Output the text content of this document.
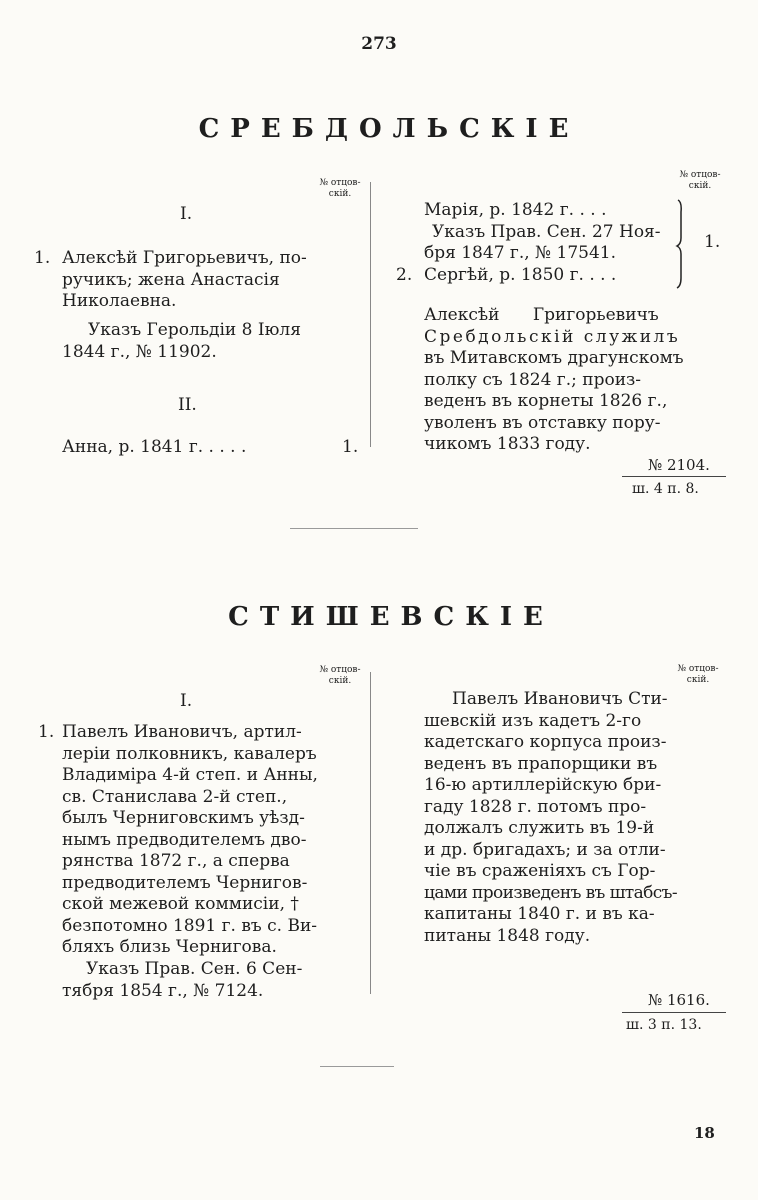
273
СРЕБДОЛЬСКІЕ
№ отцов-скій.
I.
1. Алексѣй Григорьевичъ, по-
ручикъ; жена Анастасія
Николаевна.
Указъ Герольдіи 8 Іюля
1844 г., № 11902.
II.
Анна, р. 1841 г. . . . .	1.
№ отцов-скій.
Марія, р. 1842 г. . . .
Указъ Прав. Сен. 27 Ноя-
бря 1847 г., № 17541.
2. Сергѣй, р. 1850 г. . . .
1.
Алексѣй Григорьевичъ
Сребдольскій служилъ
въ Митавскомъ драгунскомъ
полку съ 1824 г.; произ-
веденъ въ корнеты 1826 г.,
уволенъ въ отставку пору-
чикомъ 1833 году.
№ 2104.
ш. 4 п. 8.
СТИШЕВСКІЕ
№ отцов-скій.
I.
1. Павелъ Ивановичъ, артил-
леріи полковникъ, кавалеръ
Владиміра 4-й степ. и Анны,
св. Станислава 2-й степ.,
былъ Черниговскимъ уѣзд-
нымъ предводителемъ дво-
рянства 1872 г., а сперва
предводителемъ Чернигов-
ской межевой коммисіи, †
безпотомно 1891 г. въ с. Ви-
бляхъ близь Чернигова.
Указъ Прав. Сен. 6 Сен-
тября 1854 г., № 7124.
№ отцов-скій.
Павелъ Ивановичъ Сти-
шевскій изъ кадетъ 2-го
кадетскаго корпуса произ-
веденъ въ прапорщики въ
16-ю артиллерійскую бри-
гаду 1828 г. потомъ про-
должалъ служить въ 19-й
и др. бригадахъ; и за отли-
чіе въ сраженіяхъ съ Гор-
цами произведенъ въ штабсъ-
капитаны 1840 г. и въ ка-
питаны 1848 году.
№ 1616.
ш. 3 п. 13.
18
